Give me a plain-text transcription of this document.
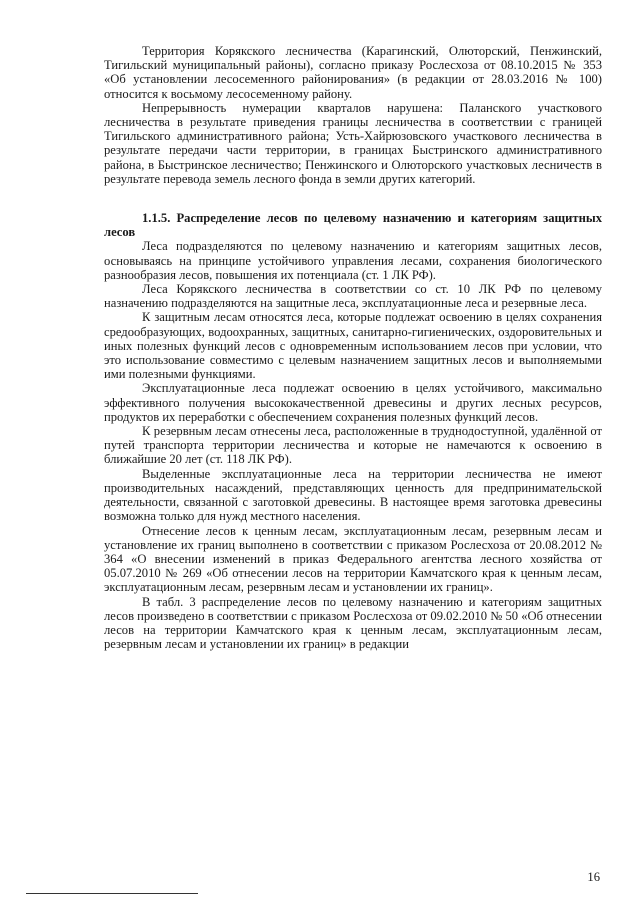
Территория Корякского лесничества (Карагинский, Олюторский, Пенжинский, Тигильский муниципальный районы), согласно приказу Рослесхоза от 08.10.2015 № 353 «Об установлении лесосеменного районирования» (в редакции от 28.03.2016 № 100) относится к восьмому лесосеменному району.

Непрерывность нумерации кварталов нарушена: Паланского участкового лесничества в результате приведения границы лесничества в соответствии с границей Тигильского административного района; Усть-Хайрюзовского участкового лесничества в результате передачи части территории, в границах Быстринского административного района, в Быстринское лесничество; Пенжинского и Олюторского участковых лесничеств в результате перевода земель лесного фонда в земли других категорий.

1.1.5. Распределение лесов по целевому назначению и категориям защитных лесов

Леса подразделяются по целевому назначению и категориям защитных лесов, основываясь на принципе устойчивого управления лесами, сохранения биологического разнообразия лесов, повышения их потенциала (ст. 1 ЛК РФ).

Леса Корякского лесничества в соответствии со ст. 10 ЛК РФ по целевому назначению подразделяются на защитные леса, эксплуатационные леса и резервные леса.

К защитным лесам относятся леса, которые подлежат освоению в целях сохранения средообразующих, водоохранных, защитных, санитарно-гигиенических, оздоровительных и иных полезных функций лесов с одновременным использованием лесов при условии, что это использование совместимо с целевым назначением защитных лесов и выполняемыми ими полезными функциями.

Эксплуатационные леса подлежат освоению в целях устойчивого, максимально эффективного получения высококачественной древесины и других лесных ресурсов, продуктов их переработки с обеспечением сохранения полезных функций лесов.

К резервным лесам отнесены леса, расположенные в труднодоступной, удалённой от путей транспорта территории лесничества и которые не намечаются к освоению в ближайшие 20 лет (ст. 118 ЛК РФ).

Выделенные эксплуатационные леса на территории лесничества не имеют производительных насаждений, представляющих ценность для предпринимательской деятельности, связанной с заготовкой древесины. В настоящее время заготовка древесины возможна только для нужд местного населения.

Отнесение лесов к ценным лесам, эксплуатационным лесам, резервным лесам и установление их границ выполнено в соответствии с приказом Рослесхоза от 20.08.2012 № 364 «О внесении изменений в приказ Федерального агентства лесного хозяйства от 05.07.2010 № 269 «Об отнесении лесов на территории Камчатского края к ценным лесам, эксплуатационным лесам, резервным лесам и установлении их границ».

В табл. 3 распределение лесов по целевому назначению и категориям защитных лесов произведено в соответствии с приказом Рослесхоза от 09.02.2010 № 50 «Об отнесении лесов на территории Камчатского края к ценным лесам, эксплуатационным лесам, резервным лесам и установлении их границ» в редакции

16
